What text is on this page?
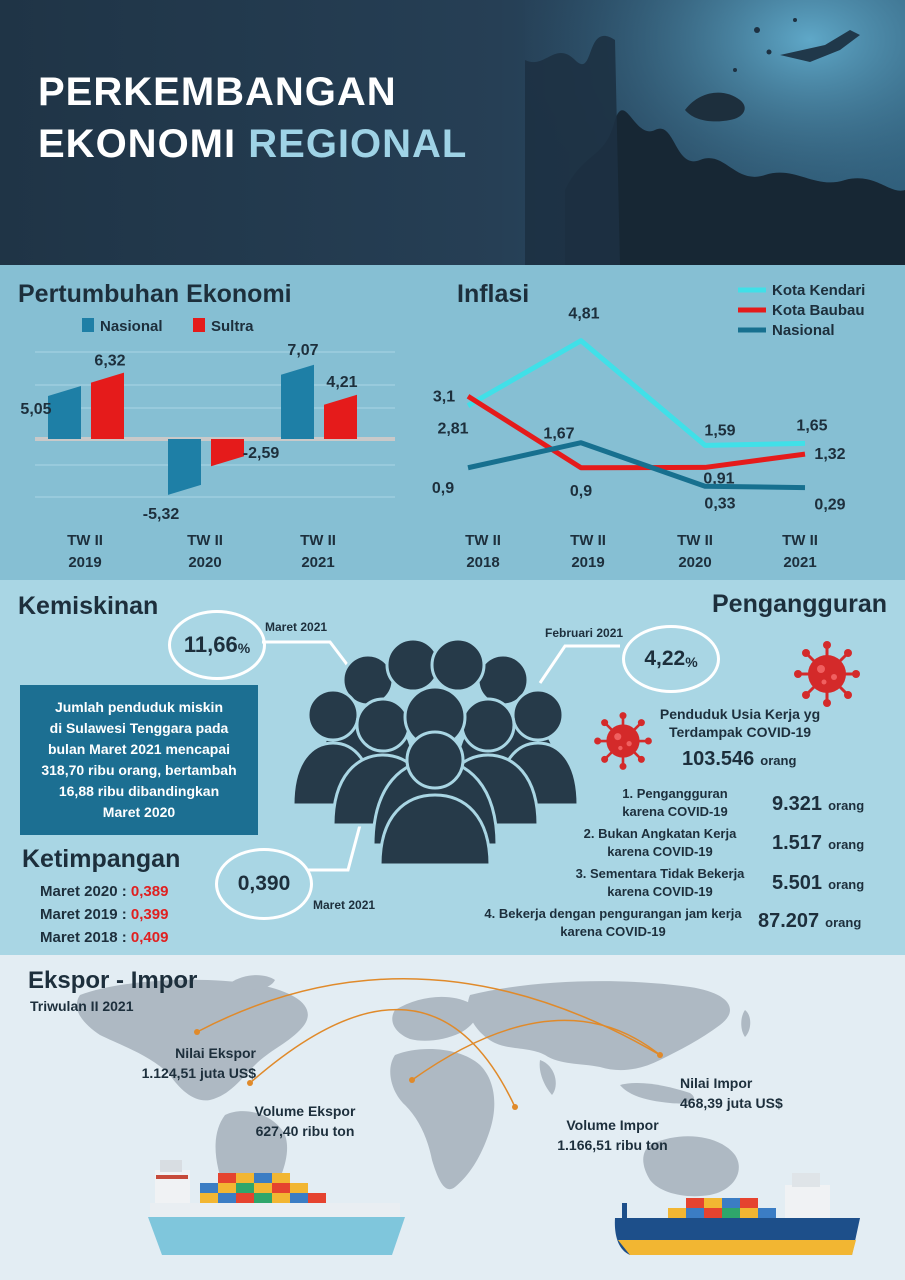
PERKEMBANGAN
EKONOMI REGIONAL
Pertumbuhan Ekonomi	Inflasi
Nasional	Sultra
5,05
-5,32
7,07
6,32
-2,59
4,21
TW II
2019
TW II
2020
TW II
2021
Kota Kendari
Kota Baubau
Nasional
2,81
4,81
1,59	1,65
3,1
0,9
0,91
1,32
0,9
1,67
0,33	0,29
TW II
2018
TW II
2019
TW II
2020
TW II
2021
Kemiskinan	Pengangguran
11,66 %
Maret 2021
Jumlah penduduk miskin
di Sulawesi Tenggara pada
bulan Maret 2021 mencapai
318,70 ribu orang, bertambah
16,88 ribu dibandingkan
Maret 2020
Ketimpangan
Maret 2020 : 0,389
Maret 2019 : 0,399
Maret 2018 : 0,409
0,390
Maret 2021
4,22 %
Februari 2021
Penduduk Usia Kerja yg
Terdampak COVID-19
103.546 orang
1. Pengangguran
karena COVID-19	9.321 orang
2. Bukan Angkatan Kerja
karena COVID-19	1.517 orang
3. Sementara Tidak Bekerja
karena COVID-19	5.501 orang
4. Bekerja dengan pengurangan jam kerja
karena COVID-19	87.207 orang
Ekspor - Impor
Triwulan II 2021
Nilai Ekspor
1.124,51 juta US$
Volume Ekspor
627,40 ribu ton
Nilai Impor
468,39 juta US$
Volume Impor
1.166,51 ribu ton
